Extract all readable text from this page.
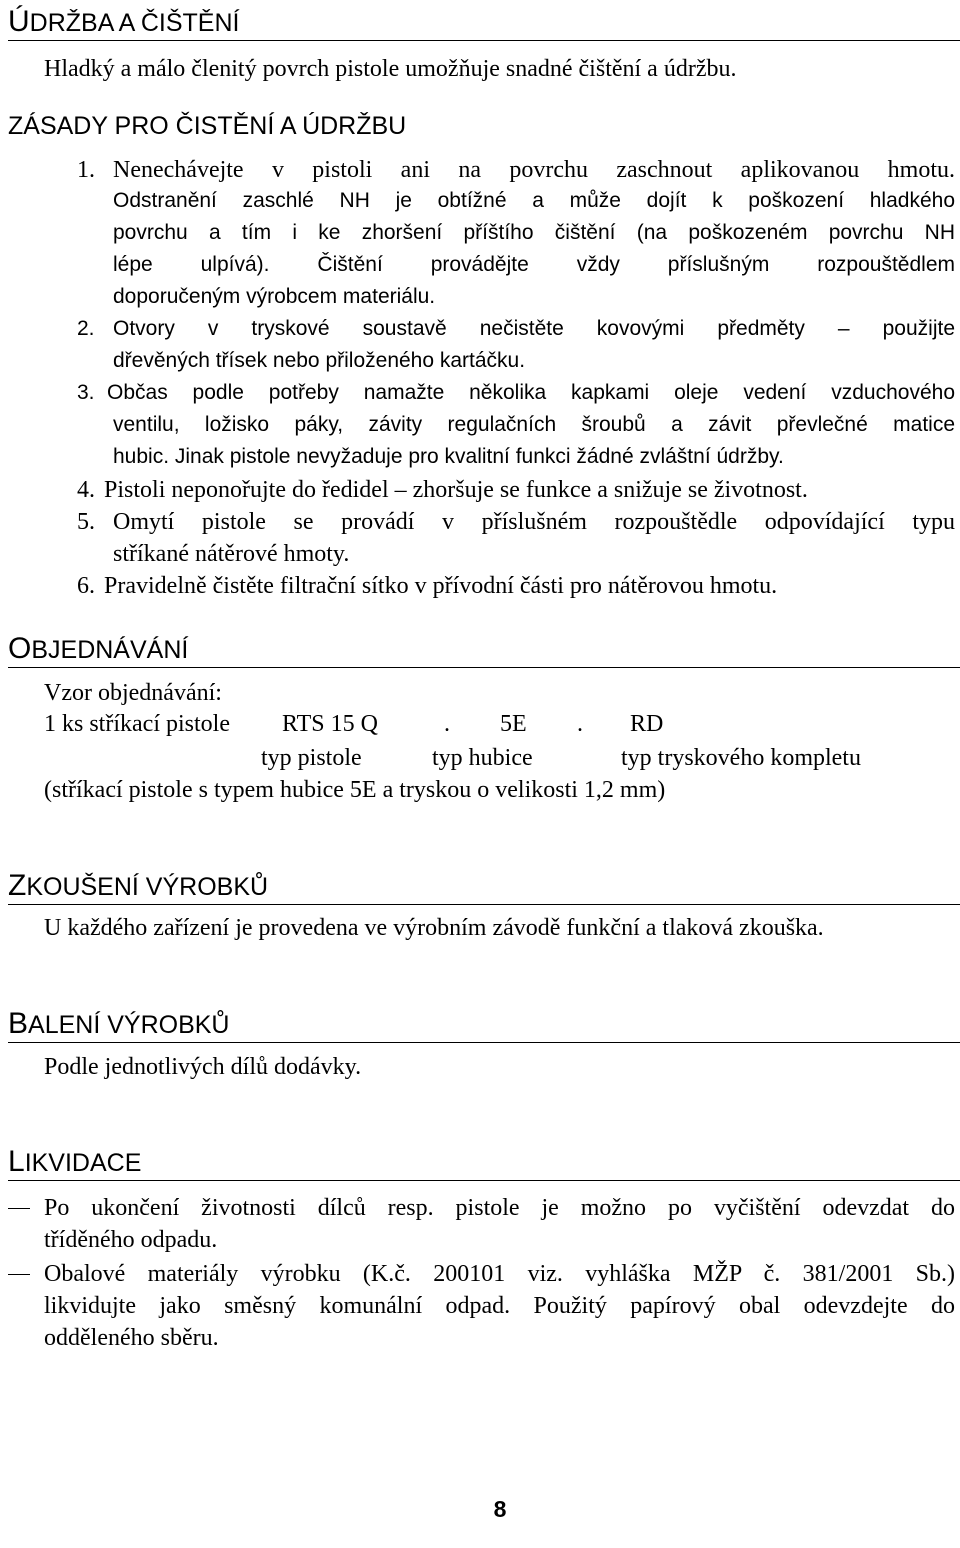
ÚDRŽBA A ČIŠTĚNÍ
Hladký a málo členitý povrch pistole umožňuje snadné čištění a údržbu.
ZÁSADY PRO ČISTĚNÍ A ÚDRŽBU
1. Nenechávejte v pistoli ani na povrchu zaschnout aplikovanou hmotu.
Odstranění zaschlé NH je obtížné a může dojít k poškození hladkého
povrchu a tím i ke zhoršení příštího čištění (na poškozeném povrchu NH
lépe ulpívá). Čištění provádějte vždy příslušným rozpouštědlem
doporučeným výrobcem materiálu.
2. Otvory v tryskové soustavě nečistěte kovovými předměty – použijte
dřevěných třísek nebo přiloženého kartáčku.
3. Občas podle potřeby namažte několika kapkami oleje vedení vzduchového
ventilu, ložisko páky, závity regulačních šroubů a závit převlečné matice
hubic. Jinak pistole nevyžaduje pro kvalitní funkci žádné zvláštní údržby.
4. Pistoli neponořujte do ředidel – zhoršuje se funkce a snižuje se životnost.
5. Omytí pistole se provádí v příslušném rozpouštědle odpovídající typu
stříkané nátěrové hmoty.
6. Pravidelně čistěte filtrační sítko v přívodní části pro nátěrovou hmotu.
OBJEDNÁVÁNÍ
Vzor objednávání:
1 ks stříkací pistole RTS 15 Q	. 5E . RD
typ pistole	typ hubice	typ tryskového kompletu
(stříkací pistole s typem hubice 5E a tryskou o velikosti 1,2 mm)
ZKOUŠENÍ VÝROBKŮ
U každého zařízení je provedena ve výrobním závodě funkční a tlaková zkouška.
BALENÍ VÝROBKŮ
Podle jednotlivých dílů dodávky.
LIKVIDACE
Po ukončení životnosti dílců resp. pistole je možno po vyčištění odevzdat do
tříděného odpadu.
Obalové materiály výrobku (K.č. 200101 viz. vyhláška MŽP č. 381/2001 Sb.)
likvidujte jako směsný komunální odpad. Použitý papírový obal odevzdejte do
odděleného sběru.
8
